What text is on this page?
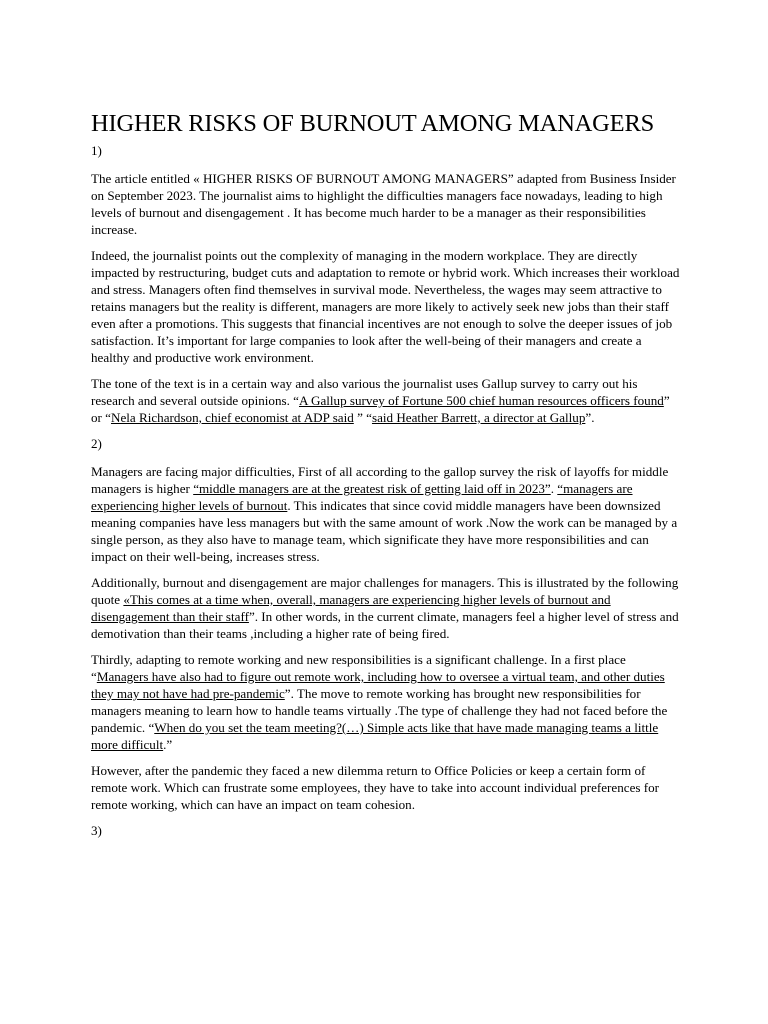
HIGHER RISKS OF BURNOUT AMONG MANAGERS

1)

The article entitled « HIGHER RISKS OF BURNOUT AMONG MANAGERS” adapted from Business Insider on September 2023. The journalist aims to highlight the difficulties managers face nowadays, leading to high levels of burnout and disengagement . It has become much harder to be a manager as their responsibilities increase.

Indeed, the journalist points out the complexity of managing in the modern workplace. They are directly impacted by restructuring, budget cuts and adaptation to remote or hybrid work. Which increases their workload and stress. Managers often find themselves in survival mode. Nevertheless, the wages may seem attractive to retains managers but the reality is different, managers are more likely to actively seek new jobs than their staff even after a promotions. This suggests that financial incentives are not enough to solve the deeper issues of job satisfaction. It’s important for large companies to look after the well-being of their managers and create a healthy and productive work environment.

The tone of the text is in a certain way and also various the journalist uses Gallup survey to carry out his research and several outside opinions. “A Gallup survey of Fortune 500 chief human resources officers found” or “Nela Richardson, chief economist at ADP said ” “said Heather Barrett, a director at Gallup”.

2)

Managers are facing major difficulties, First of all according to the gallop survey the risk of layoffs for middle managers is higher “middle managers are at the greatest risk of getting laid off in 2023”. “managers are experiencing higher levels of burnout. This indicates that since covid middle managers have been downsized meaning companies have less managers but with the same amount of work .Now the work can be managed by a single person, as they also have to manage team, which significate they have more responsibilities and can impact on their well-being, increases stress.

Additionally, burnout and disengagement are major challenges for managers. This is illustrated by the following quote «This comes at a time when, overall, managers are experiencing higher levels of burnout and disengagement than their staff”. In other words, in the current climate, managers feel a higher level of stress and demotivation than their teams ,including a higher rate of being fired.

Thirdly, adapting to remote working and new responsibilities is a significant challenge. In a first place “Managers have also had to figure out remote work, including how to oversee a virtual team, and other duties they may not have had pre-pandemic”. The move to remote working has brought new responsibilities for managers meaning to learn how to handle teams virtually .The type of challenge they had not faced before the pandemic. “When do you set the team meeting?(…) Simple acts like that have made managing teams a little more difficult.”

However, after the pandemic they faced a new dilemma return to Office Policies or keep a certain form of remote work. Which can frustrate some employees, they have to take into account individual preferences for remote working, which can have an impact on team cohesion.

3)
